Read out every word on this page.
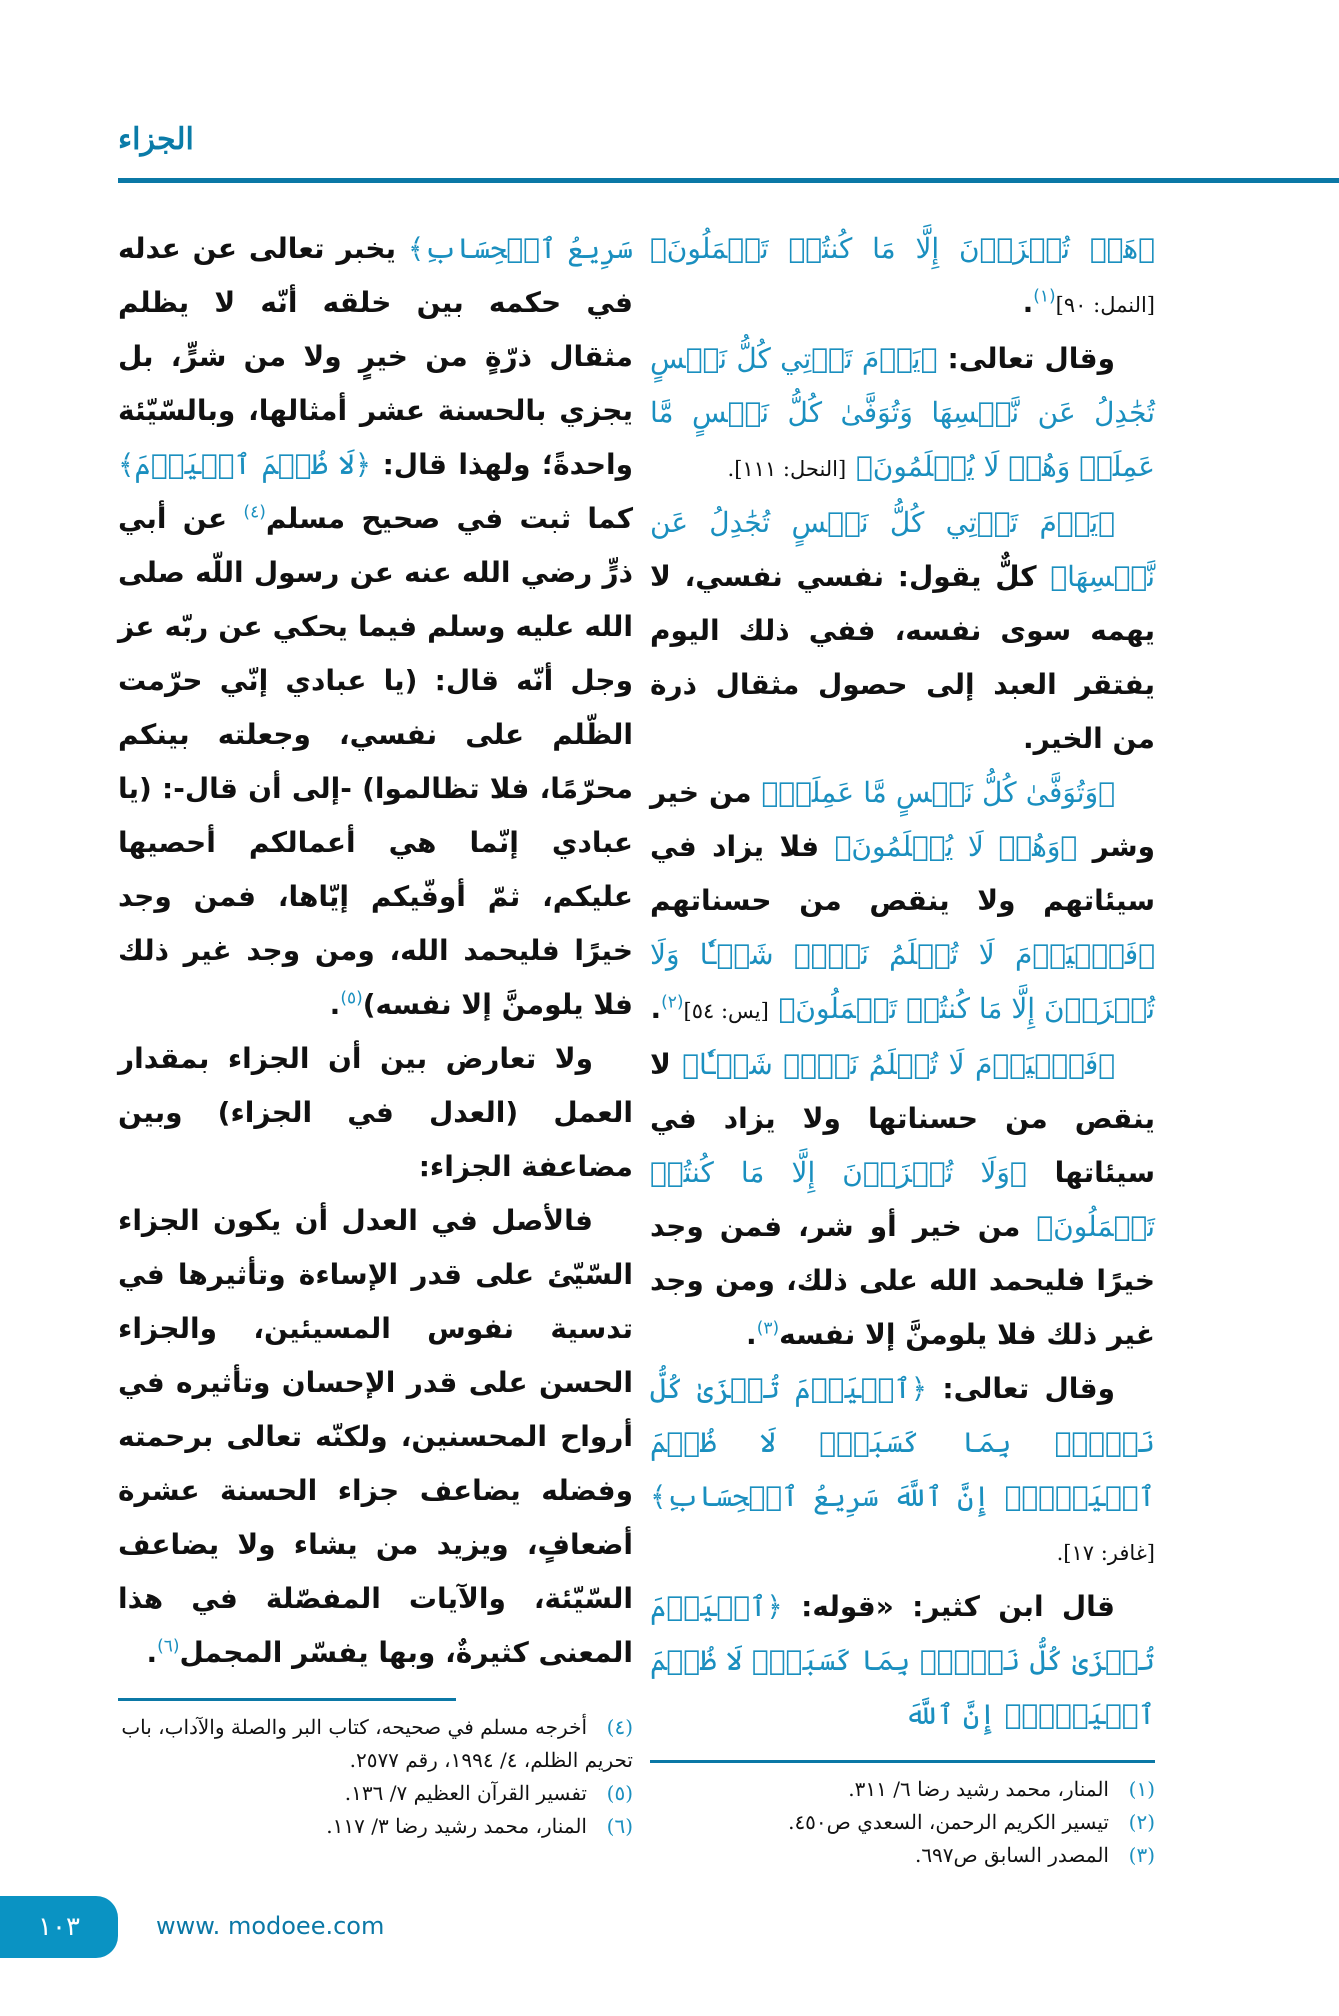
الجزاء

﴿هَلۡ تُجۡزَوۡنَ إِلَّا مَا كُنتُمۡ تَعۡمَلُونَ﴾ [النمل: ٩٠]$^{(١)}$.

وقال تعالى: ﴿يَوۡمَ تَأۡتِي كُلُّ نَفۡسٍ تُجَٰدِلُ عَن نَّفۡسِهَا وَتُوَفَّىٰ كُلُّ نَفۡسٍ مَّا عَمِلَتۡ وَهُمۡ لَا يُظۡلَمُونَ﴾ [النحل: ١١١].

﴿يَوۡمَ تَأۡتِي كُلُّ نَفۡسٍ تُجَٰدِلُ عَن نَّفۡسِهَا﴾ كلٌّ يقول: نفسي نفسي، لا يهمه سوى نفسه، ففي ذلك اليوم يفتقر العبد إلى حصول مثقال ذرة من الخير.

﴿وَتُوَفَّىٰ كُلُّ نَفۡسٍ مَّا عَمِلَتۡ﴾ من خير وشر ﴿وَهُمۡ لَا يُظۡلَمُونَ﴾ فلا يزاد في سيئاتهم ولا ينقص من حسناتهم ﴿فَٱلۡيَوۡمَ لَا تُظۡلَمُ نَفۡسٞ شَيۡـٔٗا وَلَا تُجۡزَوۡنَ إِلَّا مَا كُنتُمۡ تَعۡمَلُونَ﴾ [يس: ٥٤]$^{(٢)}$.

﴿فَٱلۡيَوۡمَ لَا تُظۡلَمُ نَفۡسٞ شَيۡـٔٗا﴾ لا ينقص من حسناتها ولا يزاد في سيئاتها ﴿وَلَا تُجۡزَوۡنَ إِلَّا مَا كُنتُمۡ تَعۡمَلُونَ﴾ من خير أو شر، فمن وجد خيرًا فليحمد الله على ذلك، ومن وجد غير ذلك فلا يلومنَّ إلا نفسه$^{(٣)}$.

وقال تعالى: ﴿ٱلۡيَوۡمَ تُجۡزَىٰ كُلُّ نَفۡسِۭ بِمَا كَسَبَتۡۚ لَا ظُلۡمَ ٱلۡيَوۡمَۚ إِنَّ ٱللَّهَ سَرِيعُ ٱلۡحِسَابِ﴾ [غافر: ١٧].

قال ابن كثير: «قوله: ﴿ٱلۡيَوۡمَ تُجۡزَىٰ كُلُّ نَفۡسِۭ بِمَا كَسَبَتۡۚ لَا ظُلۡمَ ٱلۡيَوۡمَۚ إِنَّ ٱللَّهَ

(١)المنار، محمد رشيد رضا ٦/ ٣١١.

(٢)تيسير الكريم الرحمن، السعدي ص٤٥٠.

(٣)المصدر السابق ص٦٩٧.

سَرِيعُ ٱلۡحِسَابِ﴾ يخبر تعالى عن عدله في حكمه بين خلقه أنّه لا يظلم مثقال ذرّةٍ من خيرٍ ولا من شرٍّ، بل يجزي بالحسنة عشر أمثالها، وبالسّيّئة واحدةً؛ ولهذا قال: ﴿لَا ظُلۡمَ ٱلۡيَوۡمَ﴾ كما ثبت في صحيح مسلم$^{(٤)}$ عن أبي ذرٍّ رضي الله عنه عن رسول اللّه صلى الله عليه وسلم فيما يحكي عن ربّه عز وجل أنّه قال: (يا عبادي إنّي حرّمت الظّلم على نفسي، وجعلته بينكم محرّمًا، فلا تظالموا) -إلى أن قال-: (يا عبادي إنّما هي أعمالكم أحصيها عليكم، ثمّ أوفّيكم إيّاها، فمن وجد خيرًا فليحمد الله، ومن وجد غير ذلك فلا يلومنَّ إلا نفسه)$^{(٥)}$.

ولا تعارض بين أن الجزاء بمقدار العمل (العدل في الجزاء) وبين مضاعفة الجزاء:

فالأصل في العدل أن يكون الجزاء السّيّئ على قدر الإساءة وتأثيرها في تدسية نفوس المسيئين، والجزاء الحسن على قدر الإحسان وتأثيره في أرواح المحسنين، ولكنّه تعالى برحمته وفضله يضاعف جزاء الحسنة عشرة أضعافٍ، ويزيد من يشاء ولا يضاعف السّيّئة، والآيات المفصّلة في هذا المعنى كثيرةٌ، وبها يفسّر المجمل$^{(٦)}$.

(٤)أخرجه مسلم في صحيحه، كتاب البر والصلة والآداب، باب تحريم الظلم، ٤/ ١٩٩٤، رقم ٢٥٧٧.

(٥)تفسير القرآن العظيم ٧/ ١٣٦.

(٦)المنار، محمد رشيد رضا ٣/ ١١٧.

١٠٣	www. modoee.com
